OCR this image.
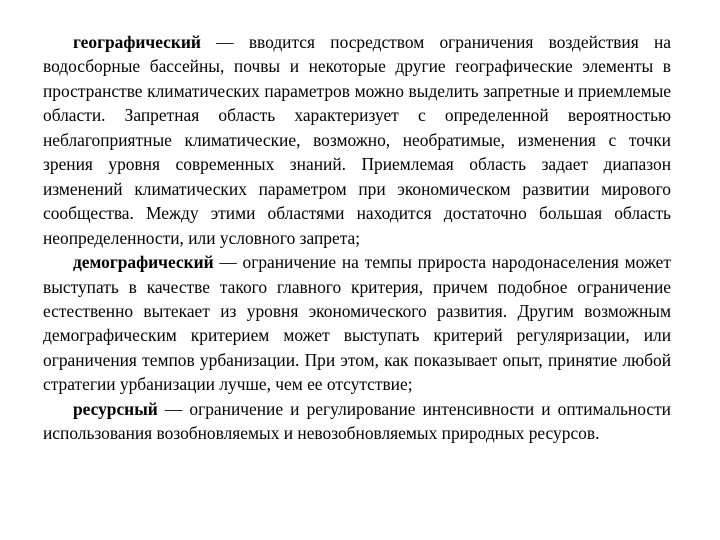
географический — вводится посредством ограничения воздействия на водосборные бассейны, почвы и некоторые другие географические элементы в пространстве климатических параметров можно выделить запретные и приемлемые области. Запретная область характеризует с определенной вероятностью неблагоприятные климатические, возможно, необратимые, изменения с точки зрения уровня современных знаний. Приемлемая область задает диапазон изменений климатических параметром при экономическом развитии мирового сообщества. Между этими областями находится достаточно большая область неопределенности, или условного запрета;

демографический — ограничение на темпы прироста народонаселения может выступать в качестве такого главного критерия, причем подобное ограничение естественно вытекает из уровня экономического развития. Другим возможным демографическим критерием может выступать критерий регуляризации, или ограничения темпов урбанизации. При этом, как показывает опыт, принятие любой стратегии урбанизации лучше, чем ее отсутствие;

ресурсный — ограничение и регулирование интенсивности и оптимальности использования возобновляемых и невозобновляемых природных ресурсов.
